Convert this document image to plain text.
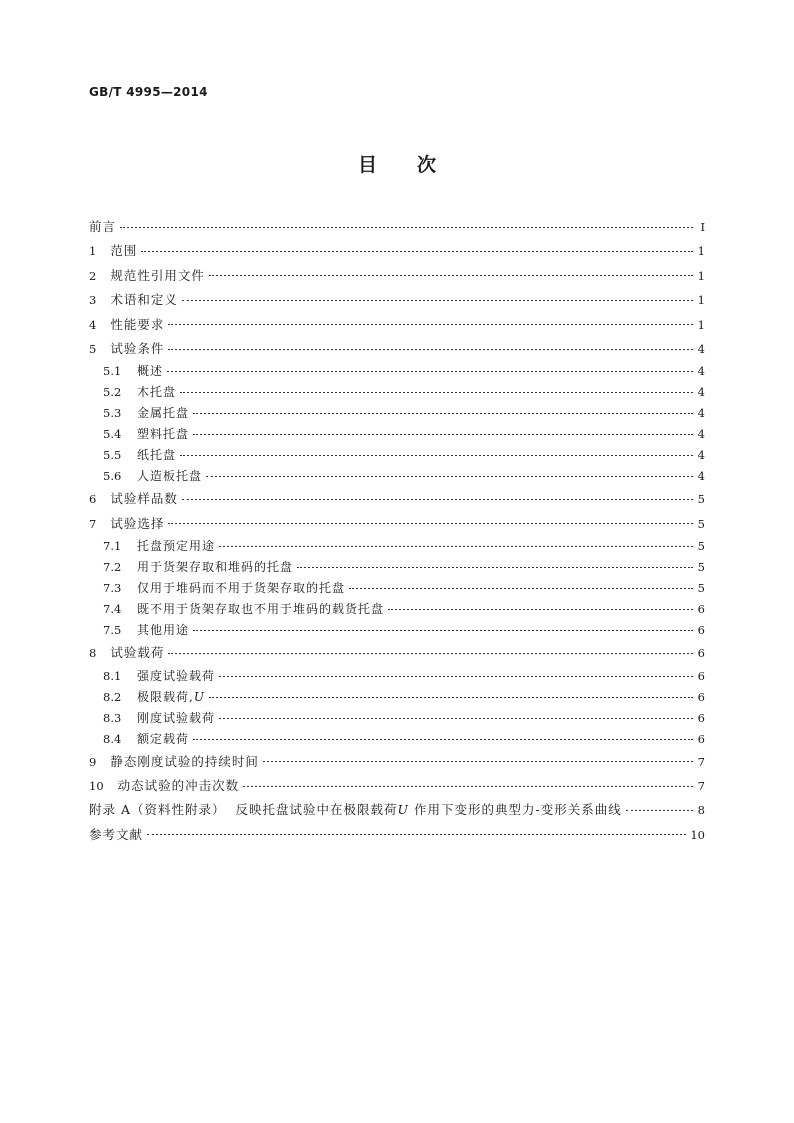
GB/T 4995—2014
目次
前言	Ⅰ
1 范围	1
2 规范性引用文件	1
3 术语和定义	1
4 性能要求	1
5 试验条件	4
5.1	概述	4
5.2	木托盘	4
5.3	金属托盘	4
5.4	塑料托盘	4
5.5	纸托盘	4
5.6	人造板托盘	4
6 试验样品数	5
7 试验选择	5
7.1	托盘预定用途	5
7.2	用于货架存取和堆码的托盘	5
7.3	仅用于堆码而不用于货架存取的托盘	5
7.4	既不用于货架存取也不用于堆码的载货托盘	6
7.5	其他用途	6
8 试验载荷	6
8.1	强度试验载荷	6
8.2	极限载荷,U	6
8.3	刚度试验载荷	6
8.4	额定载荷	6
9 静态刚度试验的持续时间	7
10 动态试验的冲击次数	7
附录 A（资料性附录） 反映托盘试验中在极限载荷U 作用下变形的典型力-变形关系曲线	8
参考文献	10
